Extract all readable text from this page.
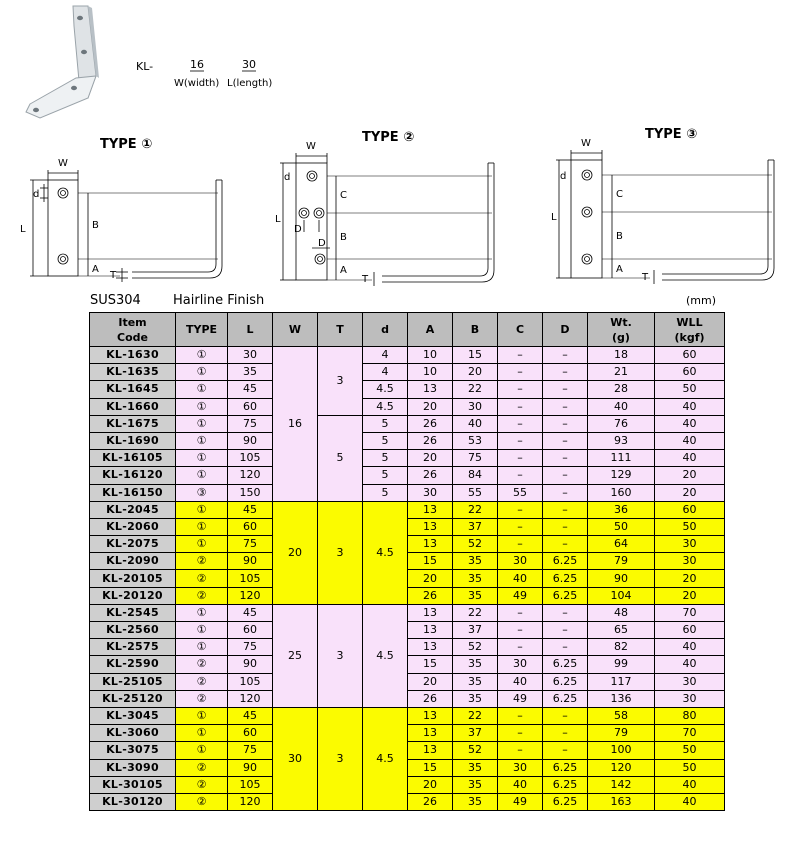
KL-	16	30
W(width) L(length)
TYPE ①	TYPE ②	TYPE ③
W
L
d
B
A
T
W
L
d
C
B
A
D
D
T
W
L
d
C
B
A
T
SUS304 Hairline Finish	(mm)
Item
Code	TYPE	L	W	T	d	A	B	C	D	Wt.
(g)	WLL
(kgf)
KL-1630	①	30	16	3	4	10	15	–	–	18	60
KL-1635	①	35			4	10	20	–	–	21	60
KL-1645	①	45			4.5	13	22	–	–	28	50
KL-1660	①	60			4.5	20	30	–	–	40	40
KL-1675	①	75		5	5	26	40	–	–	76	40
KL-1690	①	90			5	26	53	–	–	93	40
KL-16105	①	105			5	20	75	–	–	111	40
KL-16120	①	120			5	26	84	–	–	129	20
KL-16150	③	150			5	30	55	55	–	160	20
KL-2045	①	45	20	3	4.5	13	22	–	–	36	60
KL-2060	①	60				13	37	–	–	50	50
KL-2075	①	75				13	52	–	–	64	30
KL-2090	②	90				15	35	30	6.25	79	30
KL-20105	②	105				20	35	40	6.25	90	20
KL-20120	②	120				26	35	49	6.25	104	20
KL-2545	①	45	25	3	4.5	13	22	–	–	48	70
KL-2560	①	60				13	37	–	–	65	60
KL-2575	①	75				13	52	–	–	82	40
KL-2590	②	90				15	35	30	6.25	99	40
KL-25105	②	105				20	35	40	6.25	117	30
KL-25120	②	120				26	35	49	6.25	136	30
KL-3045	①	45	30	3	4.5	13	22	–	–	58	80
KL-3060	①	60				13	37	–	–	79	70
KL-3075	①	75				13	52	–	–	100	50
KL-3090	②	90				15	35	30	6.25	120	50
KL-30105	②	105				20	35	40	6.25	142	40
KL-30120	②	120				26	35	49	6.25	163	40
